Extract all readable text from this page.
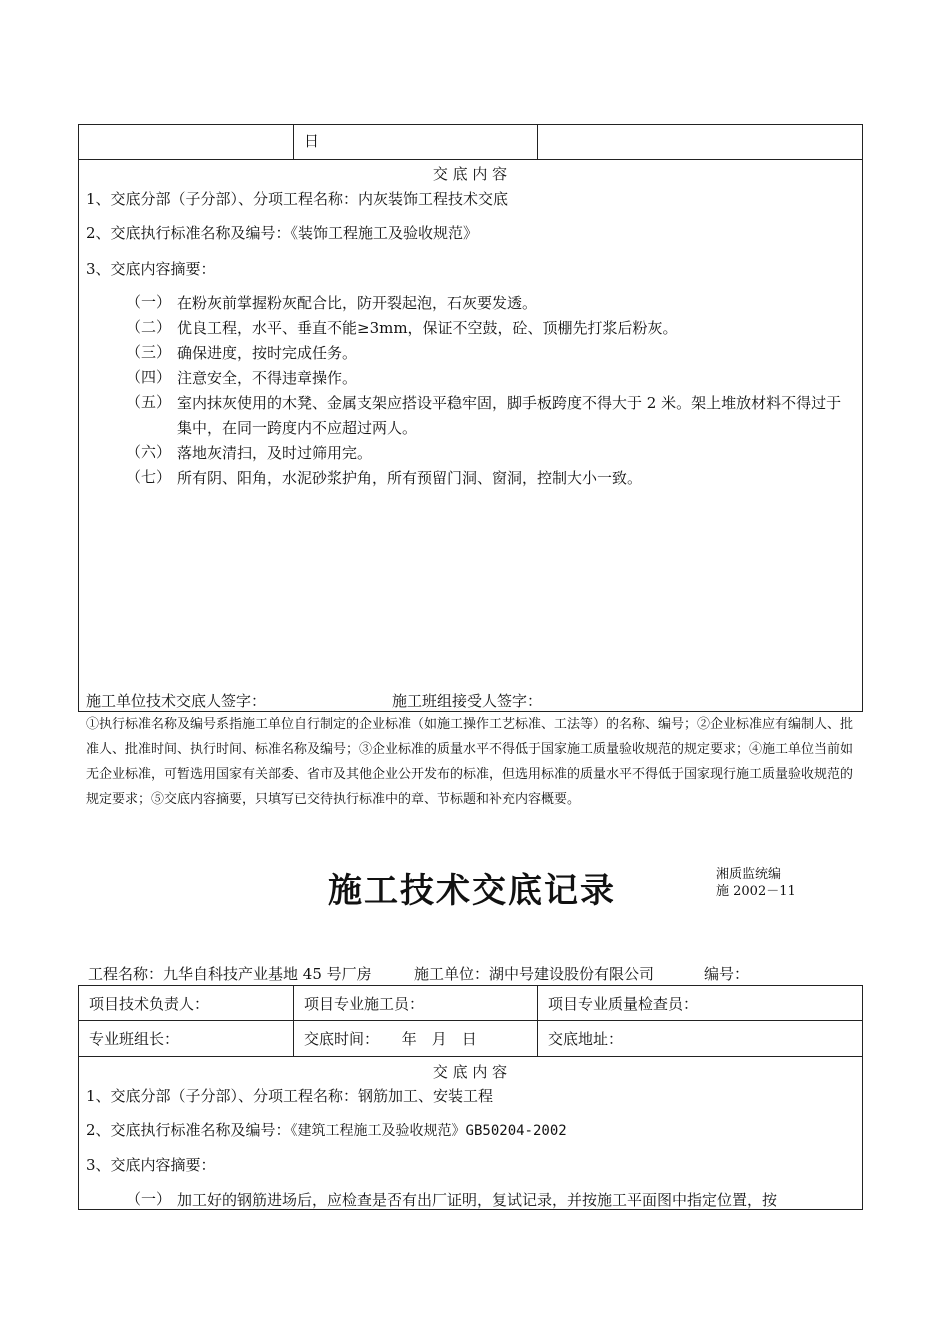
	日	
交 底 内 容
1、交底分部（子分部）、分项工程名称：内灰装饰工程技术交底
2、交底执行标准名称及编号：《装饰工程施工及验收规范》
3、交底内容摘要：
（一） 在粉灰前掌握粉灰配合比，防开裂起泡，石灰要发透。
（二） 优良工程，水平、垂直不能≥3mm，保证不空鼓，砼、顶棚先打浆后粉灰。
（三） 确保进度，按时完成任务。
（四） 注意安全，不得违章操作。
（五） 室内抹灰使用的木凳、金属支架应搭设平稳牢固，脚手板跨度不得大于 2 米。架上堆放材料不得过于集中，在同一跨度内不应超过两人。
（六） 落地灰清扫，及时过筛用完。
（七） 所有阴、阳角，水泥砂浆护角，所有预留门洞、窗洞，控制大小一致。
施工单位技术交底人签字：	施工班组接受人签字：
①执行标准名称及编号系指施工单位自行制定的企业标准（如施工操作工艺标准、工法等）的名称、编号；②企业标准应有编制人、批准人、批准时间、执行时间、标准名称及编号；③企业标准的质量水平不得低于国家施工质量验收规范的规定要求；④施工单位当前如无企业标准，可暂选用国家有关部委、省市及其他企业公开发布的标准，但选用标准的质量水平不得低于国家现行施工质量验收规范的规定要求；⑤交底内容摘要，只填写已交待执行标准中的章、节标题和补充内容概要。
施工技术交底记录	湘质监统编
施 2002－11
工程名称：九华自科技产业基地 45 号厂房	施工单位：湖中号建设股份有限公司	编号：
项目技术负责人：	项目专业施工员：	项目专业质量检查员：
专业班组长：	交底时间： 年　月　日	交底地址：
交 底 内 容
1、交底分部（子分部）、分项工程名称：钢筋加工、安装工程
2、交底执行标准名称及编号：《建筑工程施工及验收规范》GB50204-2002
3、交底内容摘要：
（一） 加工好的钢筋进场后，应检查是否有出厂证明，复试记录，并按施工平面图中指定位置，按
